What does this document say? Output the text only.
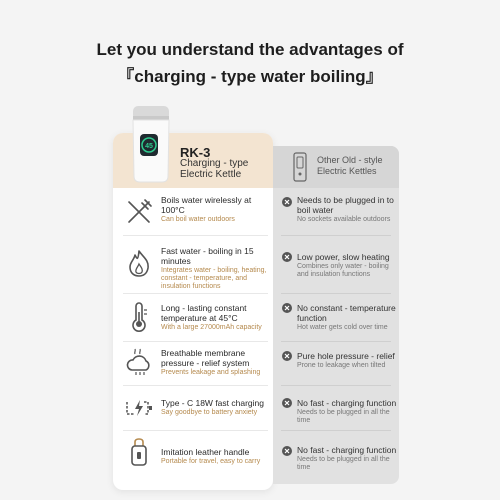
Let you understand the advantages of
『charging - type water boiling』
RK-3
Charging - type
Electric Kettle
Other Old - style
Electric Kettles
45
Boils water wirelessly at 100°C
Can boil water outdoors
Needs to be plugged in to boil water
No sockets available outdoors
Fast water - boiling in 15 minutes
Integrates water - boiling, heating, constant - temperature, and insulation functions
Low power, slow heating
Combines only water - boiling and insulation functions
Long - lasting constant temperature at 45°C
With a large 27000mAh capacity
No constant - temperature function
Hot water gets cold over time
Breathable membrane pressure - relief system
Prevents leakage and splashing
Pure hole pressure - relief
Prone to leakage when tilted
Type - C 18W fast charging
Say goodbye to battery anxiety
No fast - charging function
Needs to be plugged in all the time
Imitation leather handle
Portable for travel, easy to carry
No fast - charging function
Needs to be plugged in all the time
